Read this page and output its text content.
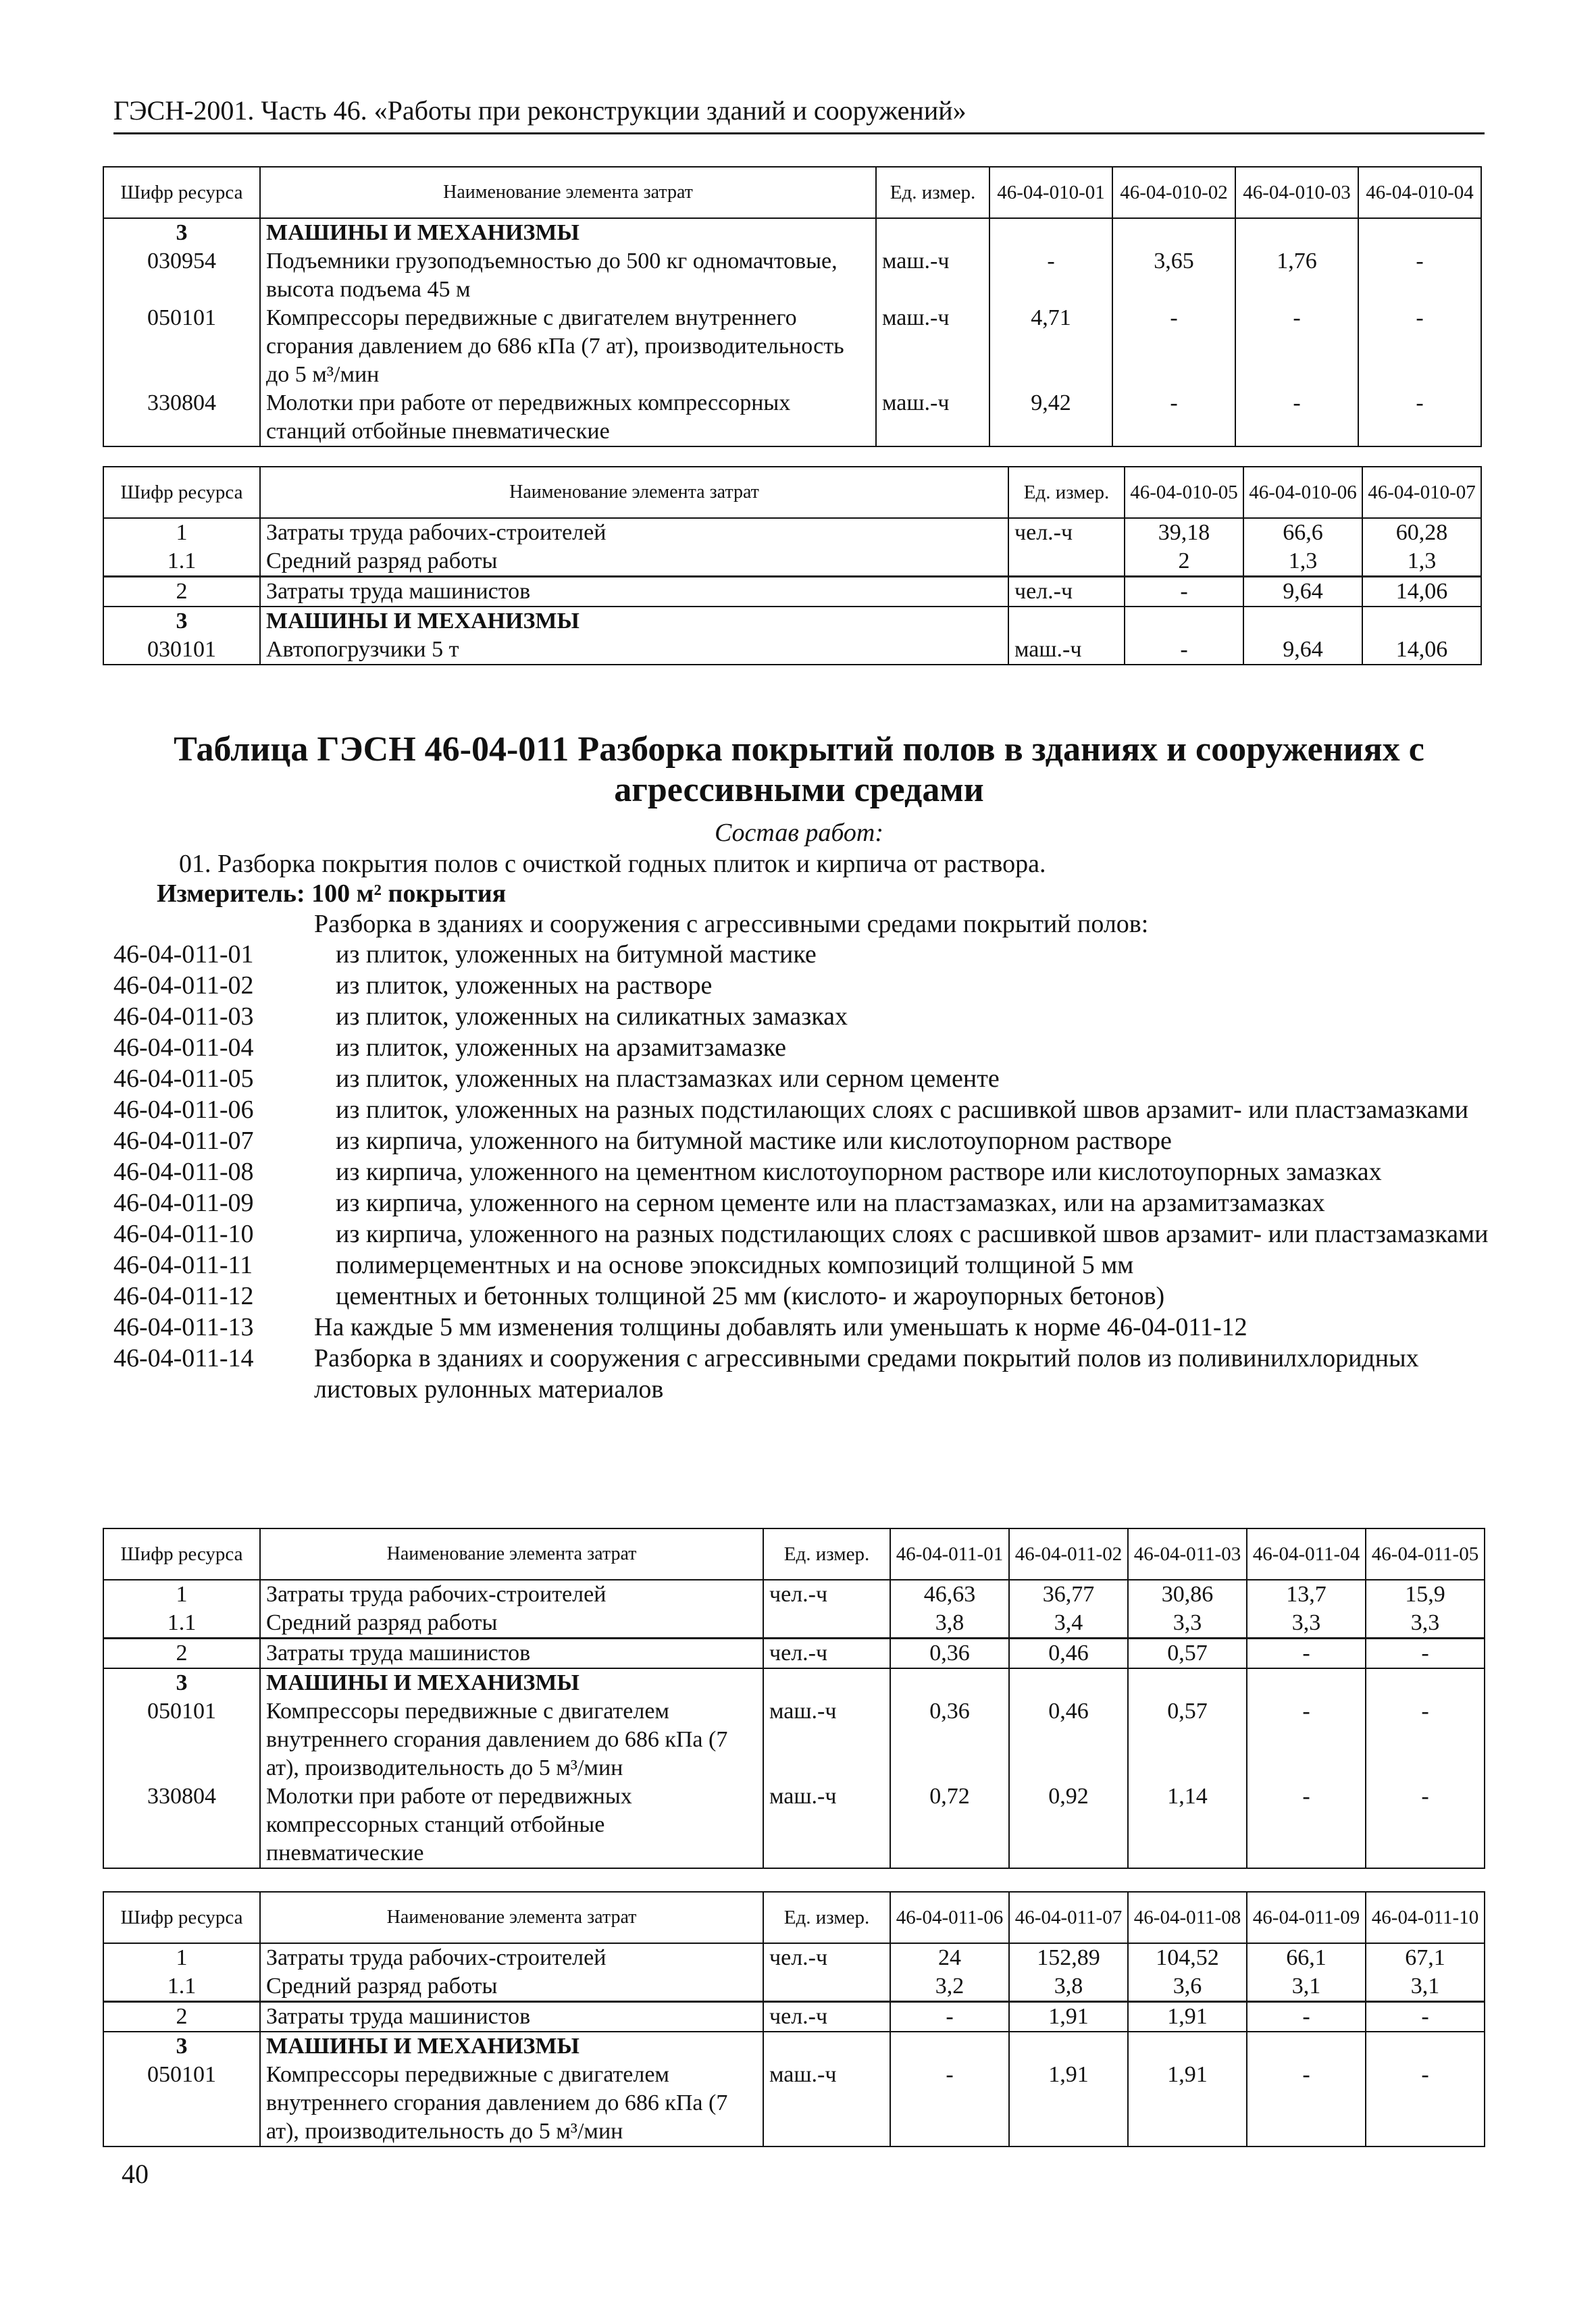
ГЭСН-2001. Часть 46. «Работы при реконструкции зданий и сооружений»
Шифр ресурса	Наименование элемента затрат	Ед. измер.	46-04-010-01	46-04-010-02	46-04-010-03	46-04-010-04
3	МАШИНЫ И МЕХАНИЗМЫ					
030954	Подъемники грузоподъемностью до 500 кг одномачтовые, высота подъема 45 м	маш.-ч	-	3,65	1,76	-
050101	Компрессоры передвижные с двигателем внутреннего сгорания давлением до 686 кПа (7 ат), производительность до 5 м³/мин	маш.-ч	4,71	-	-	-
330804	Молотки при работе от передвижных компрессорных станций отбойные пневматические	маш.-ч	9,42	-	-	-
Шифр ресурса	Наименование элемента затрат	Ед. измер.	46-04-010-05	46-04-010-06	46-04-010-07
1	Затраты труда рабочих-строителей	чел.-ч	39,18	66,6	60,28
1.1	Средний разряд работы		2	1,3	1,3
2	Затраты труда машинистов	чел.-ч	-	9,64	14,06
3	МАШИНЫ И МЕХАНИЗМЫ				
030101	Автопогрузчики 5 т	маш.-ч	-	9,64	14,06
Таблица ГЭСН 46-04-011 Разборка покрытий полов в зданиях и сооружениях с
агрессивными средами
Состав работ:
01. Разборка покрытия полов с очисткой годных плиток и кирпича от раствора.
Измеритель: 100 м² покрытия
Разборка в зданиях и сооружения с агрессивными средами покрытий полов:
46-04-011-01	из плиток, уложенных на битумной мастике
46-04-011-02	из плиток, уложенных на растворе
46-04-011-03	из плиток, уложенных на силикатных замазках
46-04-011-04	из плиток, уложенных на арзамитзамазке
46-04-011-05	из плиток, уложенных на пластзамазках или серном цементе
46-04-011-06	из плиток, уложенных на разных подстилающих слоях с расшивкой швов арзамит- или пластзамазками
46-04-011-07	из кирпича, уложенного на битумной мастике или кислотоупорном растворе
46-04-011-08	из кирпича, уложенного на цементном кислотоупорном растворе или кислотоупорных замазках
46-04-011-09	из кирпича, уложенного на серном цементе или на пластзамазках, или на арзамитзамазках
46-04-011-10	из кирпича, уложенного на разных подстилающих слоях с расшивкой швов арзамит- или пластзамазками
46-04-011-11	полимерцементных и на основе эпоксидных композиций толщиной 5 мм
46-04-011-12	цементных и бетонных толщиной 25 мм (кислото- и жароупорных бетонов)
46-04-011-13	На каждые 5 мм изменения толщины добавлять или уменьшать к норме 46-04-011-12
46-04-011-14	Разборка в зданиях и сооружения с агрессивными средами покрытий полов из поливинилхлоридных листовых рулонных материалов
Шифр ресурса	Наименование элемента затрат	Ед. измер.	46-04-011-01	46-04-011-02	46-04-011-03	46-04-011-04	46-04-011-05
1	Затраты труда рабочих-строителей	чел.-ч	46,63	36,77	30,86	13,7	15,9
1.1	Средний разряд работы		3,8	3,4	3,3	3,3	3,3
2	Затраты труда машинистов	чел.-ч	0,36	0,46	0,57	-	-
3	МАШИНЫ И МЕХАНИЗМЫ						
050101	Компрессоры передвижные с двигателем внутреннего сгорания давлением до 686 кПа (7 ат), производительность до 5 м³/мин	маш.-ч	0,36	0,46	0,57	-	-
330804	Молотки при работе от передвижных компрессорных станций отбойные пневматические	маш.-ч	0,72	0,92	1,14	-	-
Шифр ресурса	Наименование элемента затрат	Ед. измер.	46-04-011-06	46-04-011-07	46-04-011-08	46-04-011-09	46-04-011-10
1	Затраты труда рабочих-строителей	чел.-ч	24	152,89	104,52	66,1	67,1
1.1	Средний разряд работы		3,2	3,8	3,6	3,1	3,1
2	Затраты труда машинистов	чел.-ч	-	1,91	1,91	-	-
3	МАШИНЫ И МЕХАНИЗМЫ						
050101	Компрессоры передвижные с двигателем внутреннего сгорания давлением до 686 кПа (7 ат), производительность до 5 м³/мин	маш.-ч	-	1,91	1,91	-	-
40
